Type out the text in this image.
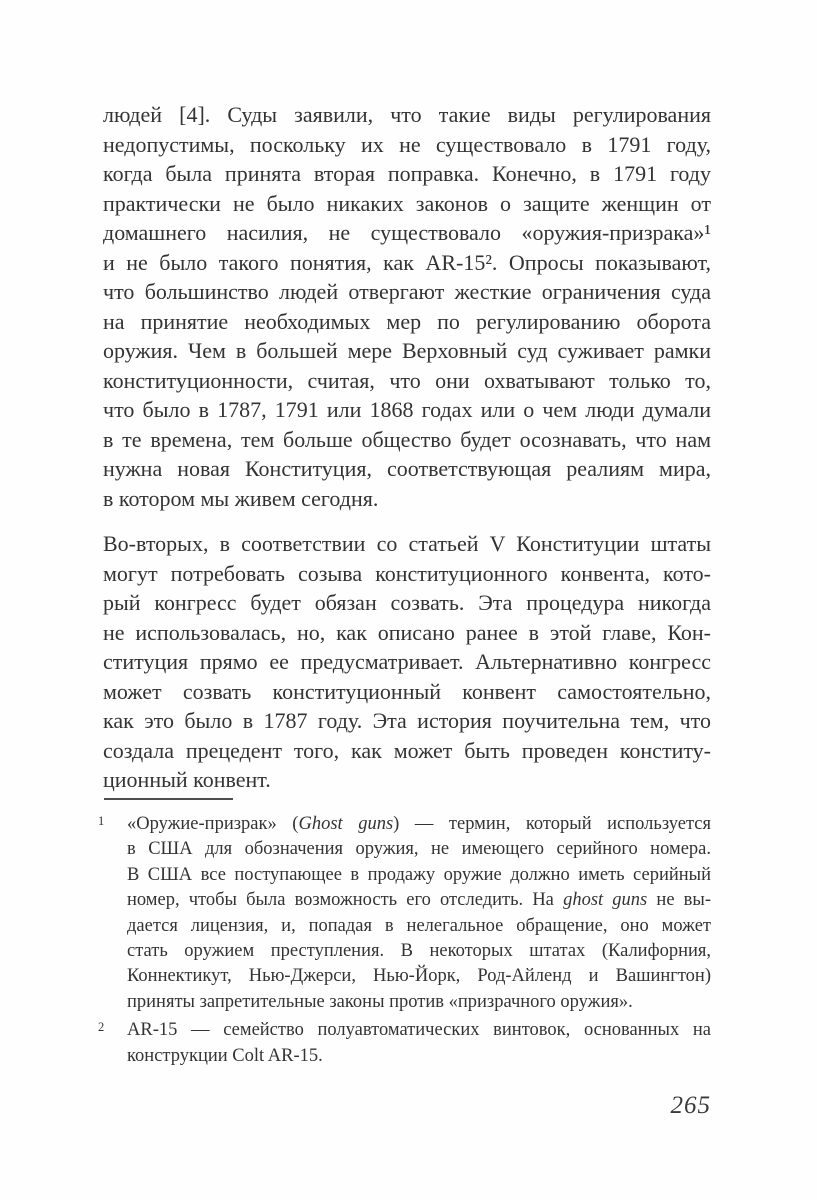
людей [4]. Суды заявили, что такие виды регулирования
недопустимы, поскольку их не существовало в 1791 году,
когда была принята вторая поправка. Конечно, в 1791 году
практически не было никаких законов о защите женщин от
домашнего насилия, не существовало «оружия-призрака»¹
и не было такого понятия, как AR-15². Опросы показывают,
что большинство людей отвергают жесткие ограничения суда
на принятие необходимых мер по регулированию оборота
оружия. Чем в большей мере Верховный суд суживает рамки
конституционности, считая, что они охватывают только то,
что было в 1787, 1791 или 1868 годах или о чем люди думали
в те времена, тем больше общество будет осознавать, что нам
нужна новая Конституция, соответствующая реалиям мира,
в котором мы живем сегодня.
Во-вторых, в соответствии со статьей V Конституции штаты
могут потребовать созыва конституционного конвента, кото-
рый конгресс будет обязан созвать. Эта процедура никогда
не использовалась, но, как описано ранее в этой главе, Кон-
ституция прямо ее предусматривает. Альтернативно конгресс
может созвать конституционный конвент самостоятельно,
как это было в 1787 году. Эта история поучительна тем, что
создала прецедент того, как может быть проведен конститу-
ционный конвент.
1 «Оружие-призрак» (Ghost guns) — термин, который используется
в США для обозначения оружия, не имеющего серийного номера.
В США все поступающее в продажу оружие должно иметь серийный
номер, чтобы была возможность его отследить. На ghost guns не вы-
дается лицензия, и, попадая в нелегальное обращение, оно может
стать оружием преступления. В некоторых штатах (Калифорния,
Коннектикут, Нью-Джерси, Нью-Йорк, Род-Айленд и Вашингтон)
приняты запретительные законы против «призрачного оружия».
2 AR-15 — семейство полуавтоматических винтовок, основанных на
конструкции Colt AR-15.
265
